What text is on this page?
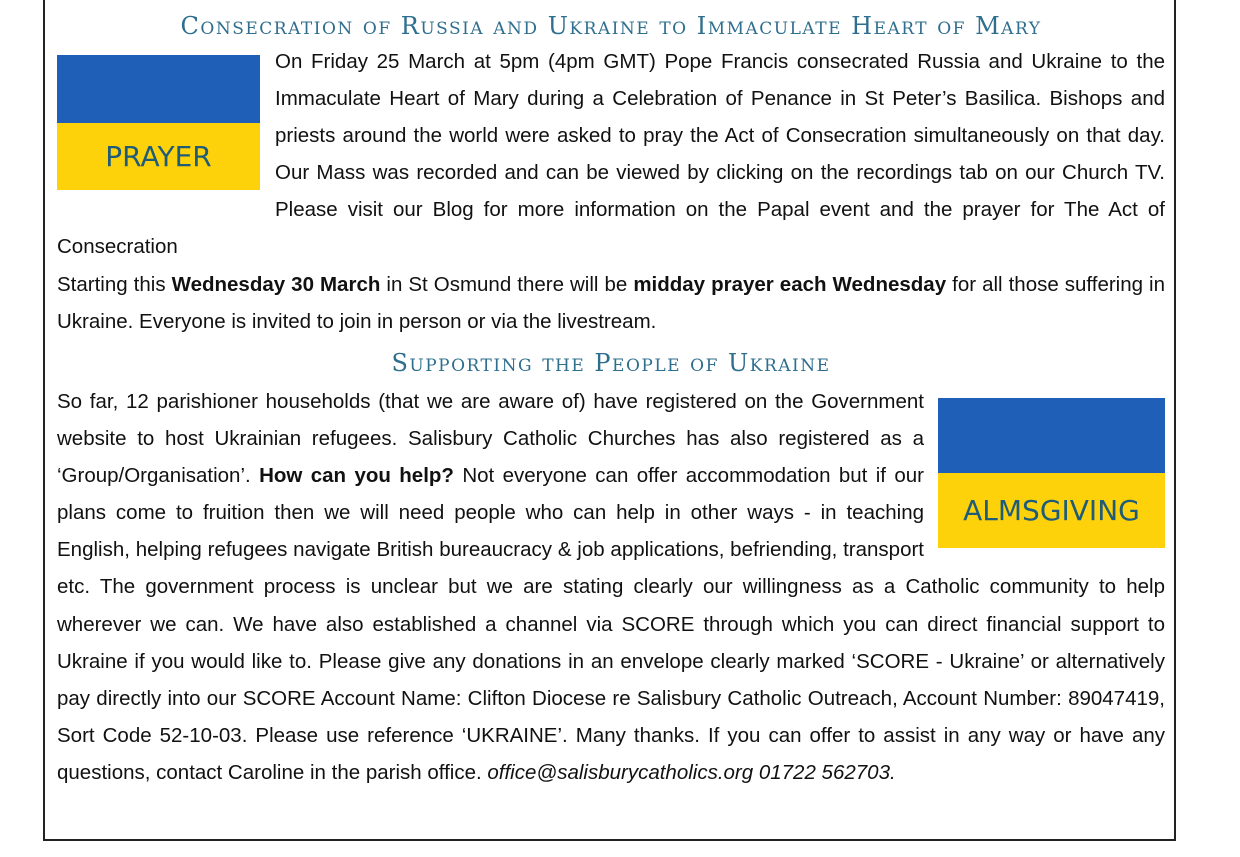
Consecration of Russia and Ukraine to Immaculate Heart of Mary
PRAYER

On Friday 25 March at 5pm (4pm GMT) Pope Francis consecrated Russia and Ukraine to the Immaculate Heart of Mary during a Celebration of Penance in St Peter’s Basilica. Bishops and priests around the world were asked to pray the Act of Consecration simultaneously on that day. Our Mass was recorded and can be viewed by clicking on the recordings tab on our Church TV. Please visit our Blog for more information on the Papal event and the prayer for The Act of Consecration

Starting this Wednesday 30 March in St Osmund there will be midday prayer each Wednesday for all those suffering in Ukraine. Everyone is invited to join in person or via the livestream.

Supporting the People of Ukraine
ALMSGIVING

So far, 12 parishioner households (that we are aware of) have registered on the Government website to host Ukrainian refugees. Salisbury Catholic Churches has also registered as a ‘Group/Organisation’. How can you help? Not everyone can offer accommodation but if our plans come to fruition then we will need people who can help in other ways - in teaching English, helping refugees navigate British bureaucracy & job applications, befriending, transport etc. The government process is unclear but we are stating clearly our willingness as a Catholic community to help wherever we can. We have also established a channel via SCORE through which you can direct financial support to Ukraine if you would like to. Please give any donations in an envelope clearly marked ‘SCORE - Ukraine’ or alternatively pay directly into our SCORE Account Name: Clifton Diocese re Salisbury Catholic Outreach, Account Number: 89047419, Sort Code 52-10-03. Please use reference ‘UKRAINE’. Many thanks. If you can offer to assist in any way or have any questions, contact Caroline in the parish office. office@salisburycatholics.org 01722 562703.
